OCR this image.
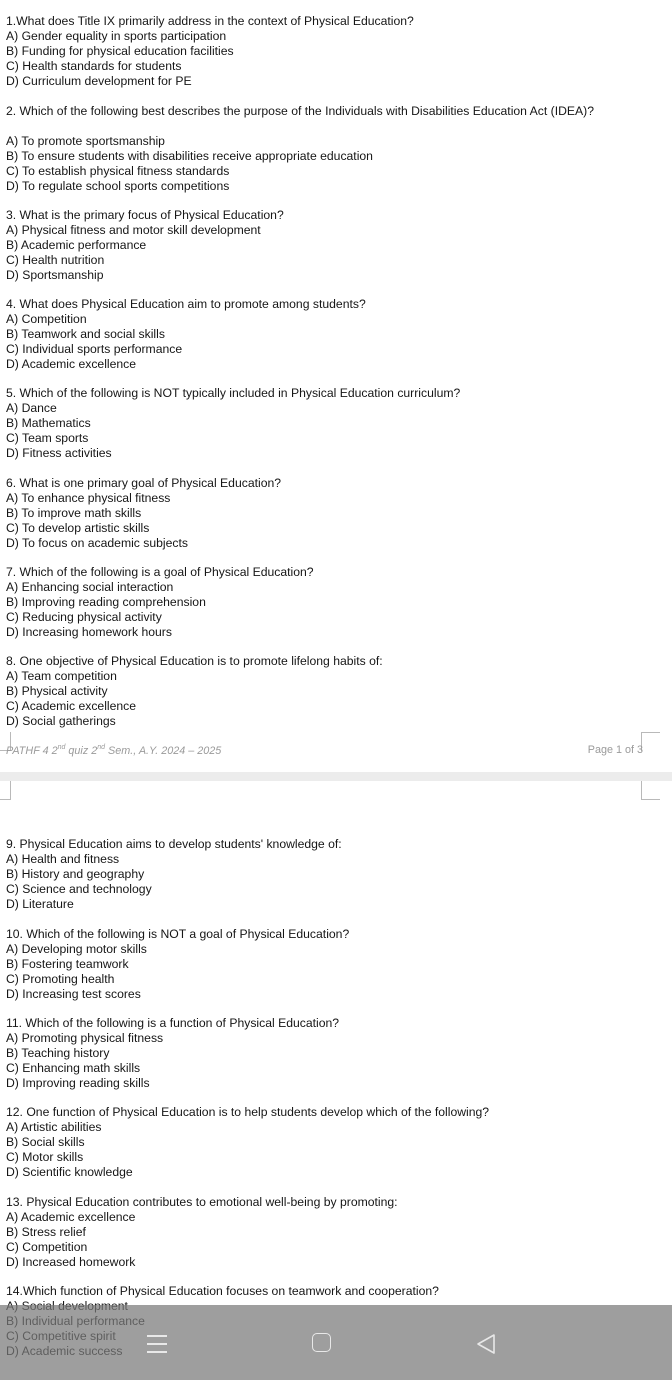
1.What does Title IX primarily address in the context of Physical Education?
A) Gender equality in sports participation
B) Funding for physical education facilities
C) Health standards for students
D) Curriculum development for PE
2. Which of the following best describes the purpose of the Individuals with Disabilities Education Act (IDEA)?
A) To promote sportsmanship
B) To ensure students with disabilities receive appropriate education
C) To establish physical fitness standards
D) To regulate school sports competitions
3. What is the primary focus of Physical Education?
A) Physical fitness and motor skill development
B) Academic performance
C) Health nutrition
D) Sportsmanship
4. What does Physical Education aim to promote among students?
A) Competition
B) Teamwork and social skills
C) Individual sports performance
D) Academic excellence
5. Which of the following is NOT typically included in Physical Education curriculum?
A) Dance
B) Mathematics
C) Team sports
D) Fitness activities
6. What is one primary goal of Physical Education?
A) To enhance physical fitness
B) To improve math skills
C) To develop artistic skills
D) To focus on academic subjects
7. Which of the following is a goal of Physical Education?
A) Enhancing social interaction
B) Improving reading comprehension
C) Reducing physical activity
D) Increasing homework hours
8. One objective of Physical Education is to promote lifelong habits of:
A) Team competition
B) Physical activity
C) Academic excellence
D) Social gatherings
PATHF 4 2nd quiz 2nd Sem., A.Y. 2024 – 2025	Page 1 of 3
9. Physical Education aims to develop students' knowledge of:
A) Health and fitness
B) History and geography
C) Science and technology
D) Literature
10. Which of the following is NOT a goal of Physical Education?
A) Developing motor skills
B) Fostering teamwork
C) Promoting health
D) Increasing test scores
11. Which of the following is a function of Physical Education?
A) Promoting physical fitness
B) Teaching history
C) Enhancing math skills
D) Improving reading skills
12. One function of Physical Education is to help students develop which of the following?
A) Artistic abilities
B) Social skills
C) Motor skills
D) Scientific knowledge
13. Physical Education contributes to emotional well-being by promoting:
A) Academic excellence
B) Stress relief
C) Competition
D) Increased homework
14.Which function of Physical Education focuses on teamwork and cooperation?
